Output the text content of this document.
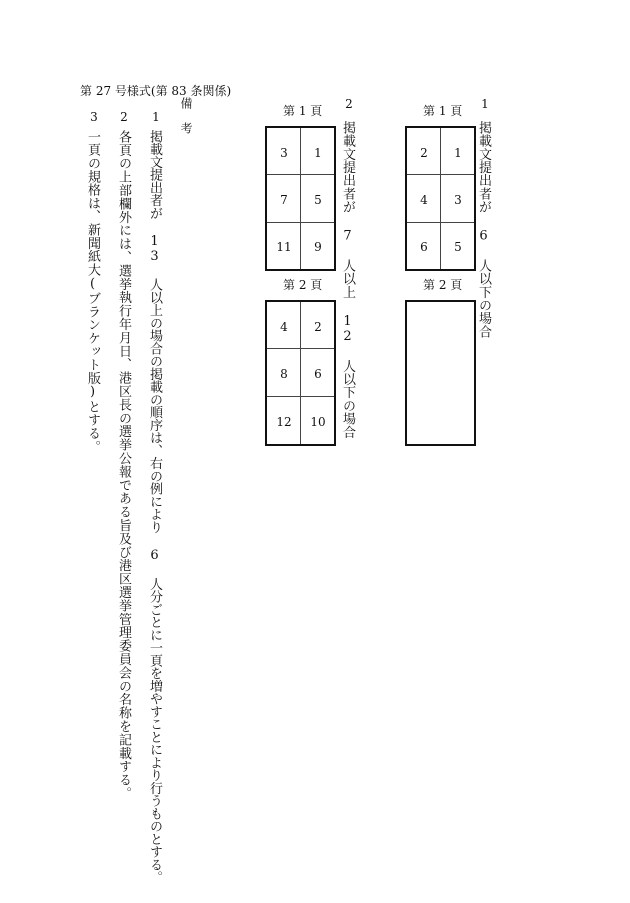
第 27 号様式(第 83 条関係)
備
考
1
掲載文提出者が 13 人以上の場合の掲載の順序は、右の例により 6 人分ごとに一頁を増やすことにより行うものとする。
2
各頁の上部欄外には、選挙執行年月日、港区長の選挙公報である旨及び港区選挙管理委員会の名称を記載する。
3
一頁の規格は、新聞紙大(ブランケット版)とする。
2
掲載文提出者が 7 人以上 12 人以下の場合
1
掲載文提出者が 6 人以下の場合
第 1 頁
3	1
7	5
11	9
第 2 頁
4	2
8	6
12	10
第 1 頁
2	1
4	3
6	5
第 2 頁
